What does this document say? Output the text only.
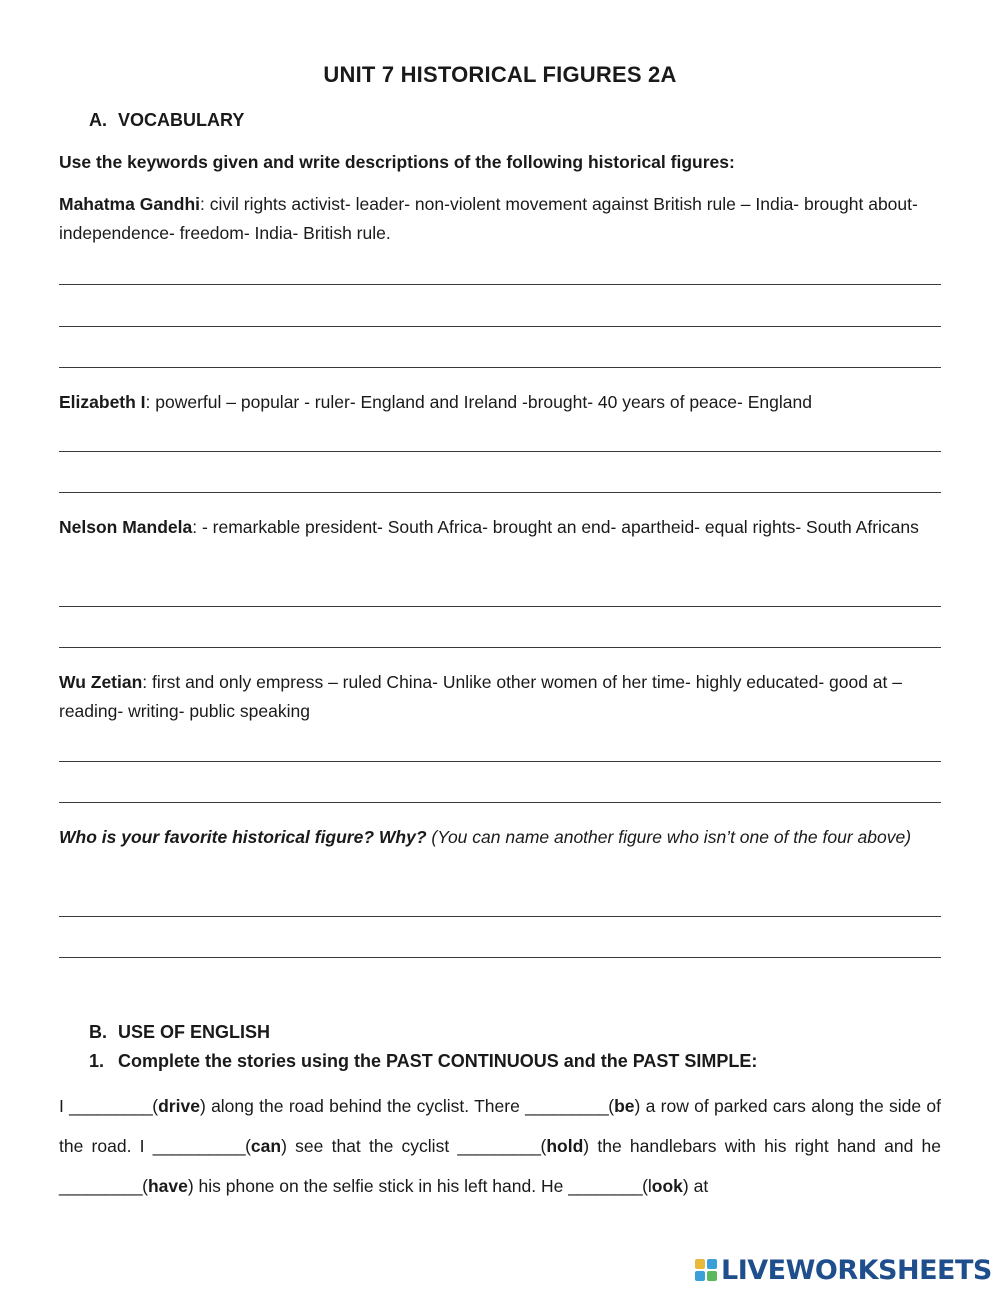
UNIT 7 HISTORICAL FIGURES 2A
A. VOCABULARY
Use the keywords given and write descriptions of the following historical figures:
Mahatma Gandhi: civil rights activist- leader- non-violent movement against British rule – India- brought about- independence- freedom- India- British rule.
Elizabeth I: powerful – popular - ruler- England and Ireland -brought- 40 years of peace- England
Nelson Mandela: - remarkable president- South Africa- brought an end- apartheid- equal rights- South Africans
Wu Zetian: first and only empress – ruled China- Unlike other women of her time- highly educated- good at – reading- writing- public speaking
Who is your favorite historical figure? Why? (You can name another figure who isn’t one of the four above)
B. USE OF ENGLISH
1. Complete the stories using the PAST CONTINUOUS and the PAST SIMPLE:
I _________(drive) along the road behind the cyclist. There _________(be) a row of parked cars along the side of the road. I __________(can) see that the cyclist _________(hold) the handlebars with his right hand and he _________(have) his phone on the selfie stick in his left hand. He ________(look) at
LIVEWORKSHEETS
